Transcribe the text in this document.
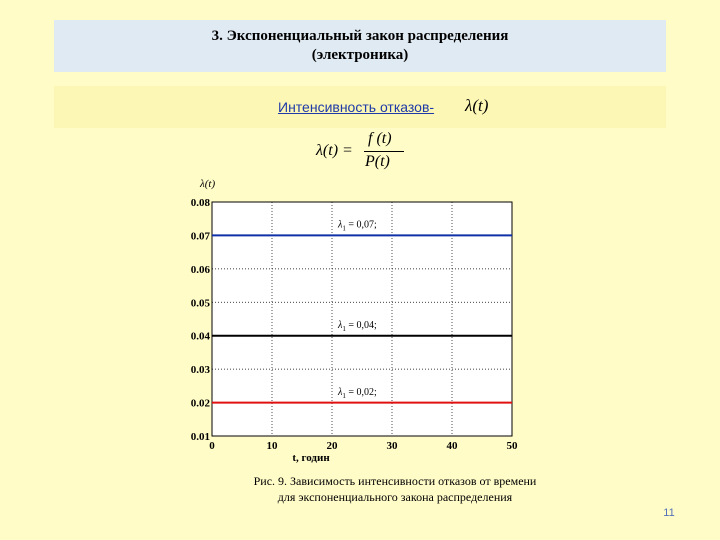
3. Экспоненциальный закон распределения
(электроника)
Интенсивность отказов- λ(t)
λ(t) =
f (t)
P(t)
0	10	20	30	40	50
0.01
0.02
0.03
0.04
0.05
0.06
0.07
0.08
λ(t)
t, годин
$\lambda_1 = 0,07$;
$\lambda_1 = 0,04$;
$\lambda_1 = 0,02$;
Рис. 9. Зависимость интенсивности отказов от времени
для экспоненциального закона распределения
11
